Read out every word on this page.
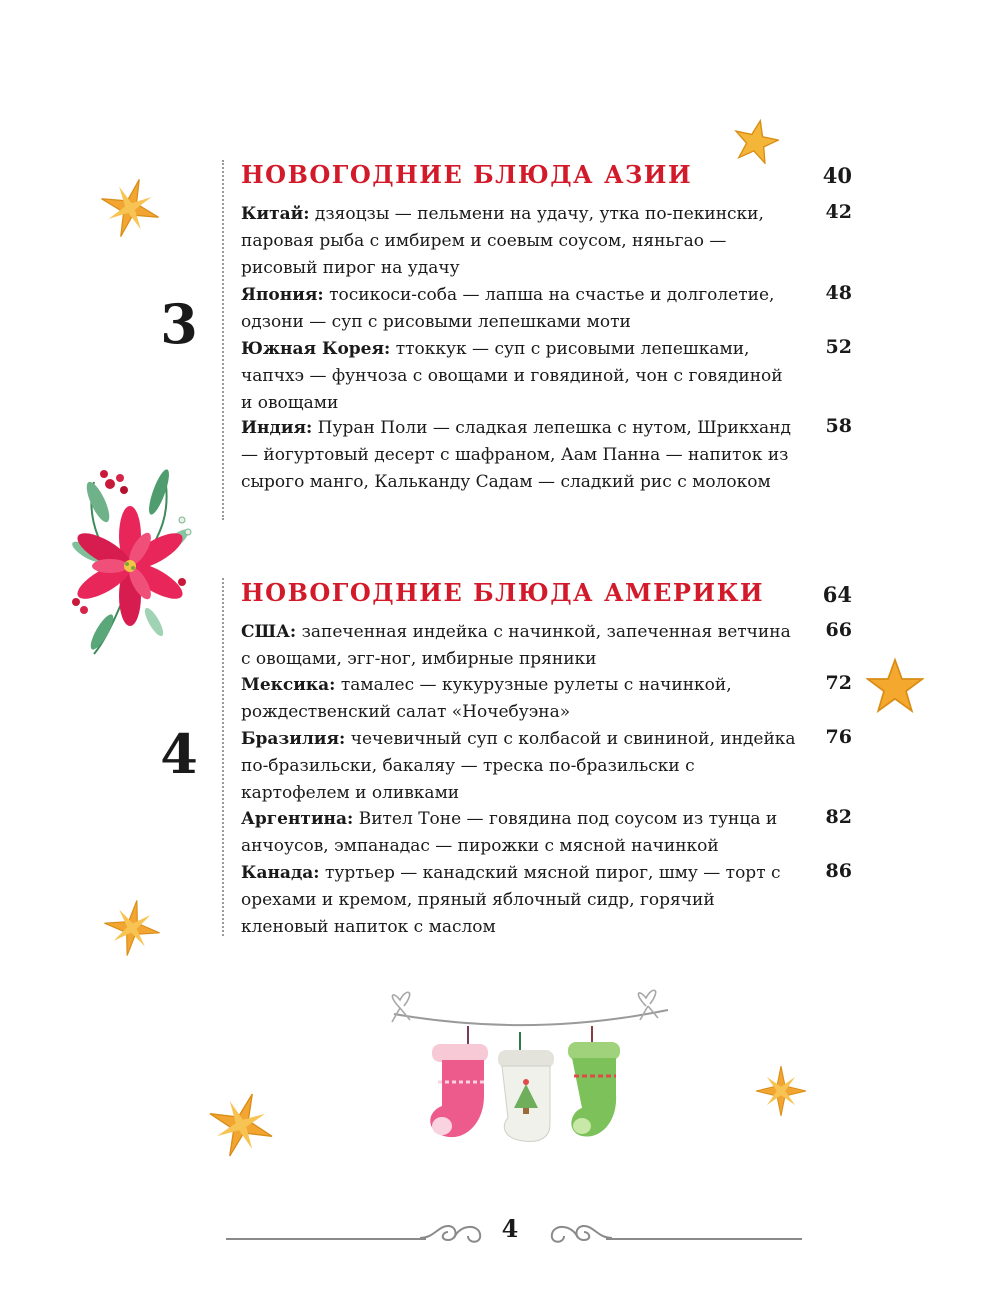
НОВОГОДНИЕ БЛЮДА АЗИИ	40
3
Китай: дзяоцзы — пельмени на удачу, утка по-пекински, паровая рыба с имбирем и соевым соусом, няньгао — рисовый пирог на удачу
42
Япония: тосикоси-соба — лапша на счастье и долголетие, одзони — суп с рисовыми лепешками моти
48
Южная Корея: ттоккук — суп с рисовыми лепешками, чапчхэ — фунчоза с овощами и говядиной, чон с говядиной и овощами
52
Индия: Пуран Поли — сладкая лепешка с нутом, Шрикханд — йогуртовый десерт с шафраном, Аам Панна — напиток из сырого манго, Кальканду Садам — сладкий рис с молоком
58
НОВОГОДНИЕ БЛЮДА АМЕРИКИ	64
4
США: запеченная индейка с начинкой, запеченная ветчина с овощами, эгг-ног, имбирные пряники
66
Мексика: тамалес — кукурузные рулеты с начинкой, рождественский салат «Ночебуэна»
72
Бразилия: чечевичный суп с колбасой и свининой, индейка по-бразильски, бакаляу — треска по-бразильски с картофелем и оливками
76
Аргентина: Вител Тоне — говядина под соусом из тунца и анчоусов, эмпанадас — пирожки с мясной начинкой
82
Канада: туртьер — канадский мясной пирог, шму — торт с орехами и кремом, пряный яблочный сидр, горячий кленовый напиток с маслом
86
4
